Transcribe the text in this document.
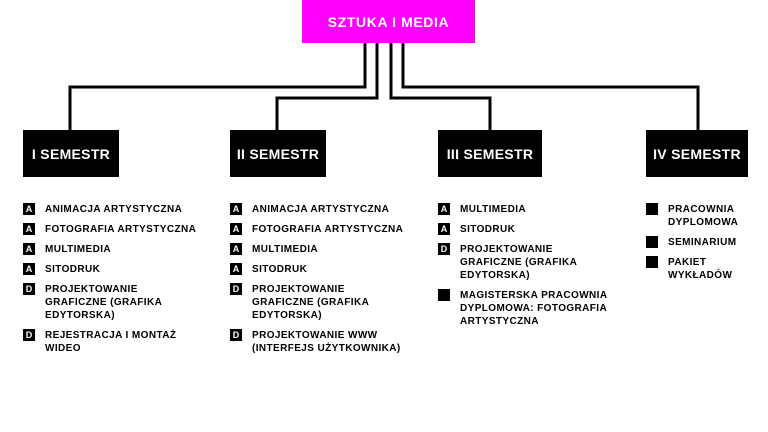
SZTUKA I MEDIA
I SEMESTR	II SEMESTR	III SEMESTR	IV SEMESTR
A ANIMACJA ARTYSTYCZNA
A FOTOGRAFIA ARTYSTYCZNA
A MULTIMEDIA
A SITODRUK
D PROJEKTOWANIE
GRAFICZNE (GRAFIKA
EDYTORSKA)
D REJESTRACJA I MONTAŻ
WIDEO
A ANIMACJA ARTYSTYCZNA
A FOTOGRAFIA ARTYSTYCZNA
A MULTIMEDIA
A SITODRUK
D PROJEKTOWANIE
GRAFICZNE (GRAFIKA
EDYTORSKA)
D PROJEKTOWANIE WWW
(INTERFEJS UŻYTKOWNIKA)
A MULTIMEDIA
A SITODRUK
D PROJEKTOWANIE
GRAFICZNE (GRAFIKA
EDYTORSKA)
MAGISTERSKA PRACOWNIA
DYPLOMOWA: FOTOGRAFIA
ARTYSTYCZNA
PRACOWNIA
DYPLOMOWA
SEMINARIUM
PAKIET
WYKŁADÓW
